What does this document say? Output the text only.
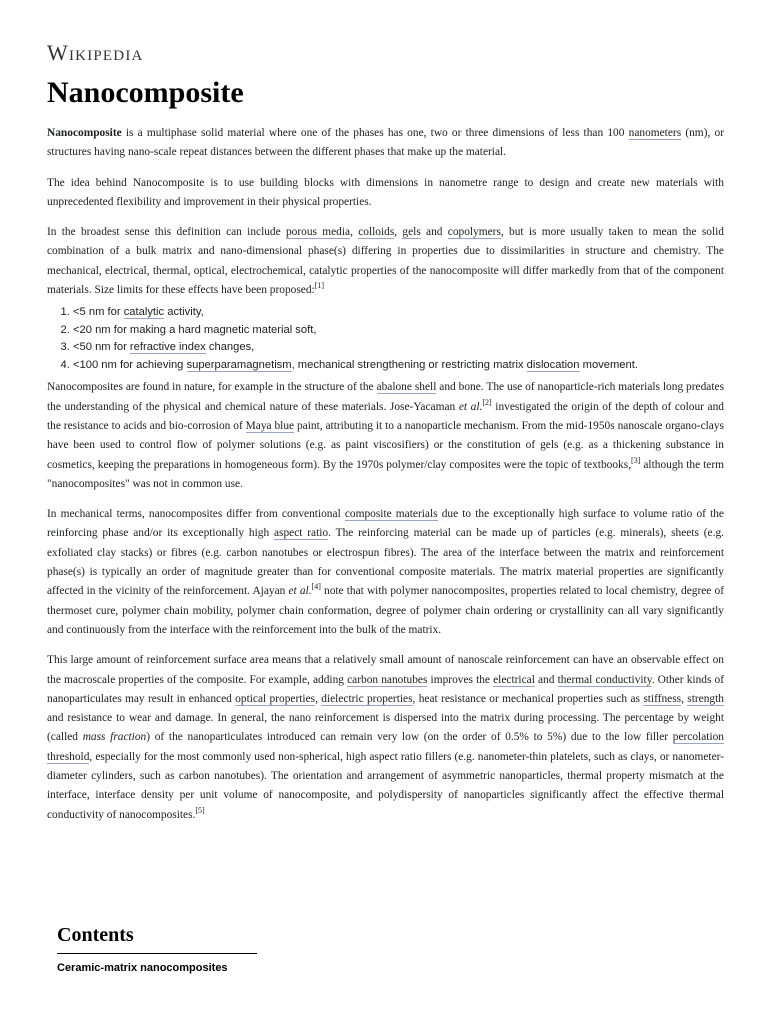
Wikipedia
Nanocomposite

Nanocomposite is a multiphase solid material where one of the phases has one, two or three dimensions of less than 100 nanometers (nm), or structures having nano-scale repeat distances between the different phases that make up the material.

The idea behind Nanocomposite is to use building blocks with dimensions in nanometre range to design and create new materials with unprecedented flexibility and improvement in their physical properties.

In the broadest sense this definition can include porous media, colloids, gels and copolymers, but is more usually taken to mean the solid combination of a bulk matrix and nano-dimensional phase(s) differing in properties due to dissimilarities in structure and chemistry. The mechanical, electrical, thermal, optical, electrochemical, catalytic properties of the nanocomposite will differ markedly from that of the component materials. Size limits for these effects have been proposed:[1]

1. <5 nm for catalytic activity,
2. <20 nm for making a hard magnetic material soft,
3. <50 nm for refractive index changes,
4. <100 nm for achieving superparamagnetism, mechanical strengthening or restricting matrix dislocation movement.

Nanocomposites are found in nature, for example in the structure of the abalone shell and bone. The use of nanoparticle-rich materials long predates the understanding of the physical and chemical nature of these materials. Jose-Yacaman et al.[2] investigated the origin of the depth of colour and the resistance to acids and bio-corrosion of Maya blue paint, attributing it to a nanoparticle mechanism. From the mid-1950s nanoscale organo-clays have been used to control flow of polymer solutions (e.g. as paint viscosifiers) or the constitution of gels (e.g. as a thickening substance in cosmetics, keeping the preparations in homogeneous form). By the 1970s polymer/clay composites were the topic of textbooks,[3] although the term "nanocomposites" was not in common use.

In mechanical terms, nanocomposites differ from conventional composite materials due to the exceptionally high surface to volume ratio of the reinforcing phase and/or its exceptionally high aspect ratio. The reinforcing material can be made up of particles (e.g. minerals), sheets (e.g. exfoliated clay stacks) or fibres (e.g. carbon nanotubes or electrospun fibres). The area of the interface between the matrix and reinforcement phase(s) is typically an order of magnitude greater than for conventional composite materials. The matrix material properties are significantly affected in the vicinity of the reinforcement. Ajayan et al.[4] note that with polymer nanocomposites, properties related to local chemistry, degree of thermoset cure, polymer chain mobility, polymer chain conformation, degree of polymer chain ordering or crystallinity can all vary significantly and continuously from the interface with the reinforcement into the bulk of the matrix.

This large amount of reinforcement surface area means that a relatively small amount of nanoscale reinforcement can have an observable effect on the macroscale properties of the composite. For example, adding carbon nanotubes improves the electrical and thermal conductivity. Other kinds of nanoparticulates may result in enhanced optical properties, dielectric properties, heat resistance or mechanical properties such as stiffness, strength and resistance to wear and damage. In general, the nano reinforcement is dispersed into the matrix during processing. The percentage by weight (called mass fraction) of the nanoparticulates introduced can remain very low (on the order of 0.5% to 5%) due to the low filler percolation threshold, especially for the most commonly used non-spherical, high aspect ratio fillers (e.g. nanometer-thin platelets, such as clays, or nanometer-diameter cylinders, such as carbon nanotubes). The orientation and arrangement of asymmetric nanoparticles, thermal property mismatch at the interface, interface density per unit volume of nanocomposite, and polydispersity of nanoparticles significantly affect the effective thermal conductivity of nanocomposites.[5]

Contents
Ceramic-matrix nanocomposites
